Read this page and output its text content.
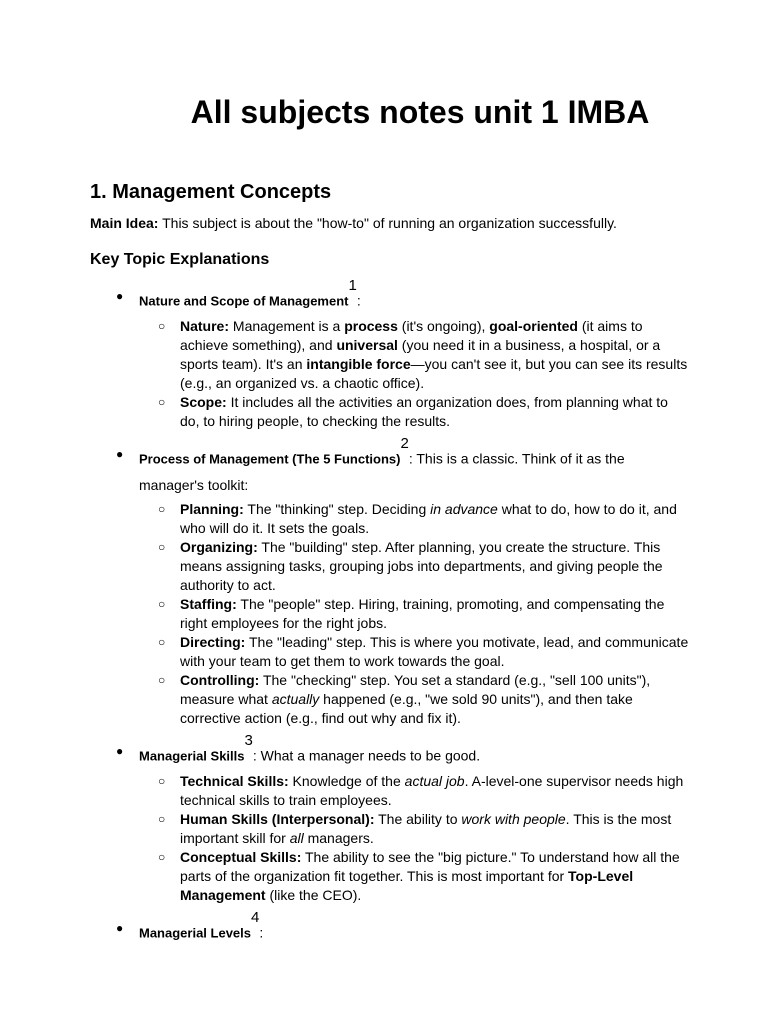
All subjects notes unit 1 IMBA
1. Management Concepts

Main Idea: This subject is about the "how-to" of running an organization successfully.

Key Topic Explanations
● Nature and Scope of Management$^1$:
○ Nature: Management is a process (it's ongoing), goal-oriented (it aims to achieve something), and universal (you need it in a business, a hospital, or a sports team). It's an intangible force—you can't see it, but you can see its results (e.g., an organized vs. a chaotic office).
○ Scope: It includes all the activities an organization does, from planning what to do, to hiring people, to checking the results.
● Process of Management (The 5 Functions)$^2$: This is a classic. Think of it as the manager's toolkit:
○ Planning: The "thinking" step. Deciding in advance what to do, how to do it, and who will do it. It sets the goals.
○ Organizing: The "building" step. After planning, you create the structure. This means assigning tasks, grouping jobs into departments, and giving people the authority to act.
○ Staffing: The "people" step. Hiring, training, promoting, and compensating the right employees for the right jobs.
○ Directing: The "leading" step. This is where you motivate, lead, and communicate with your team to get them to work towards the goal.
○ Controlling: The "checking" step. You set a standard (e.g., "sell 100 units"), measure what actually happened (e.g., "we sold 90 units"), and then take corrective action (e.g., find out why and fix it).
● Managerial Skills$^3$: What a manager needs to be good.
○ Technical Skills: Knowledge of the actual job. A-level-one supervisor needs high technical skills to train employees.
○ Human Skills (Interpersonal): The ability to work with people. This is the most important skill for all managers.
○ Conceptual Skills: The ability to see the "big picture." To understand how all the parts of the organization fit together. This is most important for Top-Level Management (like the CEO).
● Managerial Levels$^4$:
